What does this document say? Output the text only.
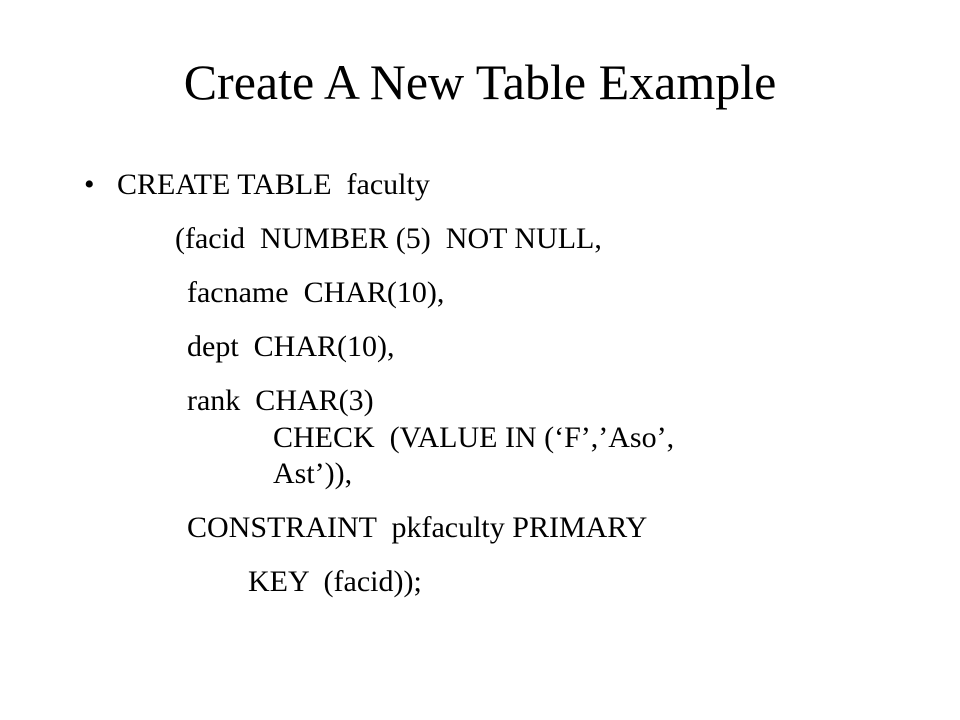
Create A New Table Example
• CREATE TABLE  faculty
(facid  NUMBER (5)  NOT NULL,
facname  CHAR(10),
dept  CHAR(10),
rank  CHAR(3)
CHECK  (VALUE IN (‘F’,’Aso’,
Ast’)),
CONSTRAINT  pkfaculty PRIMARY
KEY  (facid));
